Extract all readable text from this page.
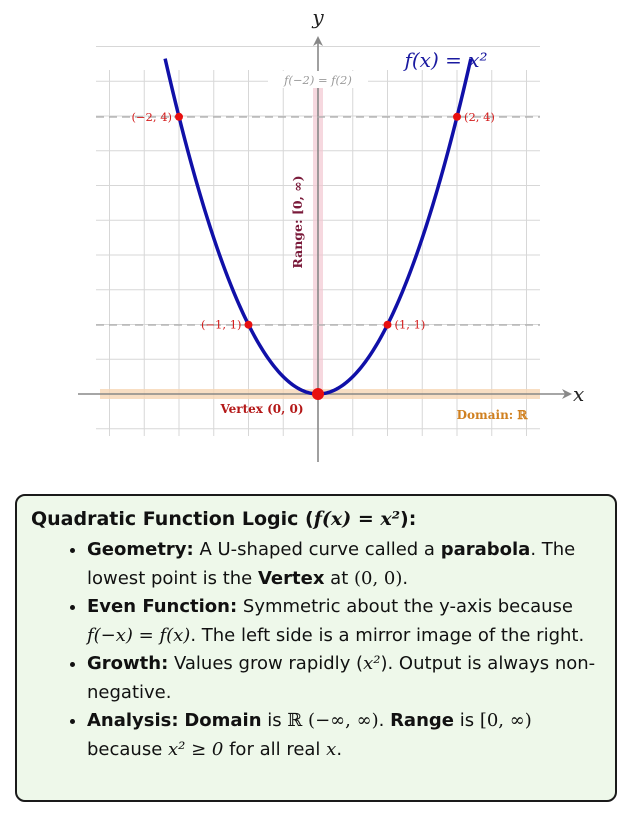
x
y
(−2, 4)	(2, 4)
(−1, 1)	(1, 1)
f(x) = x²
f(−2) = f(2)
Range: [0, ∞)
Vertex (0, 0)	Domain: ℝ
Quadratic Function Logic (f(x) = x²):
• Geometry: A U-shaped curve called a parabola. The lowest point is the Vertex at (0, 0).
• Even Function: Symmetric about the y-axis because f(−x) = f(x). The left side is a mirror image of the right.
• Growth: Values grow rapidly (x²). Output is always non-negative.
• Analysis: Domain is ℝ (−∞, ∞). Range is [0, ∞) because x² ≥ 0 for all real x.
